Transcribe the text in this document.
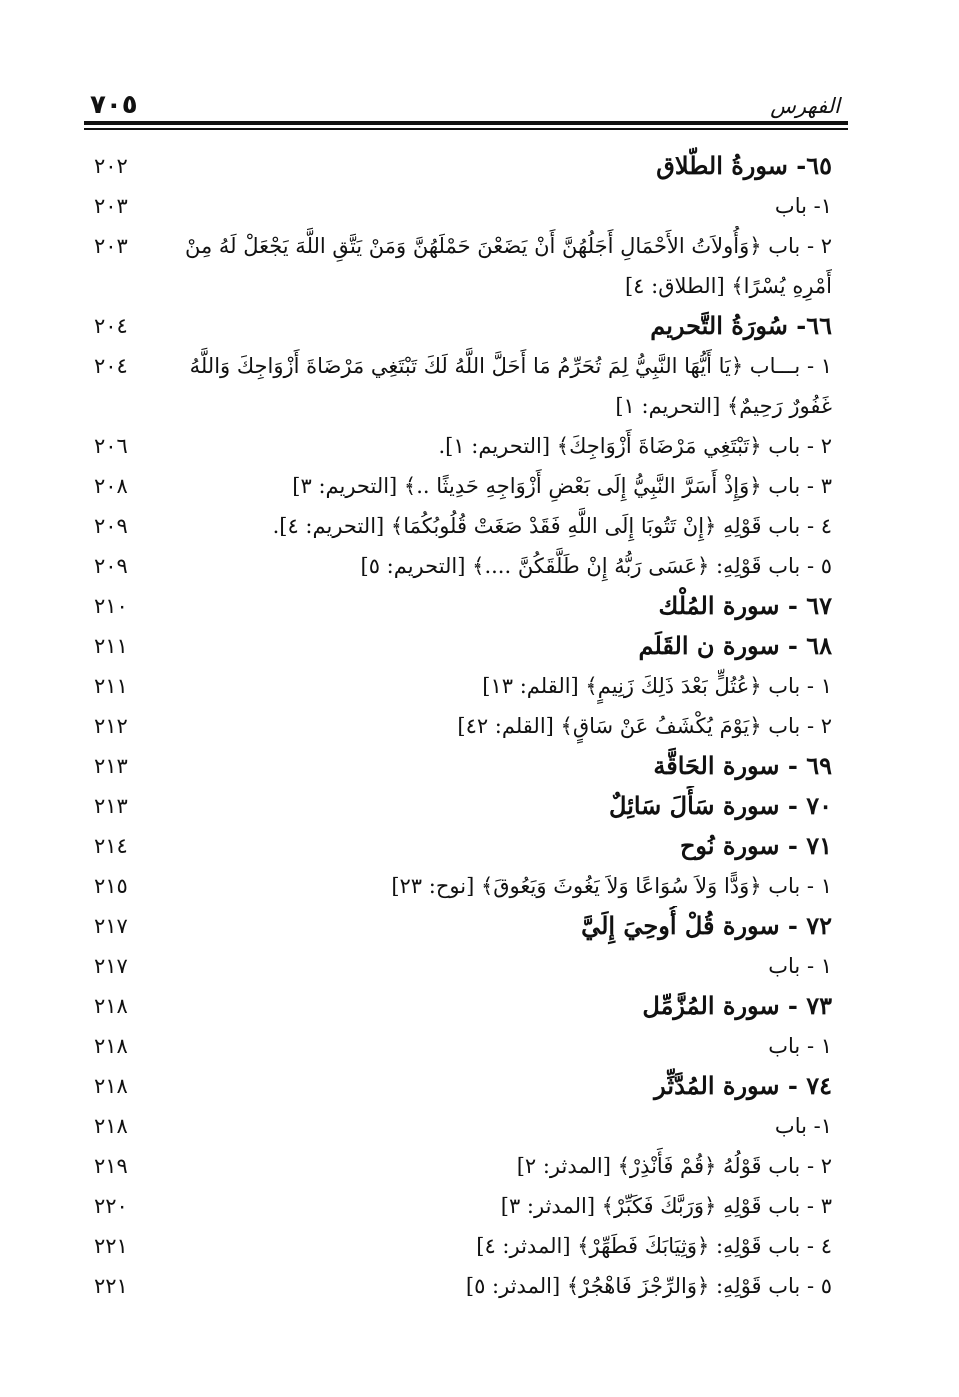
الفهرس
٧٠٥
٦٥- سورةُ الطّلاق
٢٠٢
١- باب
٢٠٣
٢ - باب ﴿وَأُولاَتُ الأَحْمَالِ أَجَلُهُنَّ أَنْ يَضَعْنَ حَمْلَهُنَّ وَمَنْ يَتَّقِ اللَّهَ يَجْعَلْ لَهُ مِنْ أَمْرِهِ يُسْرًا﴾ [الطلاق: ٤]
٢٠٣
٦٦- سُورَةُ التَّحريم
٢٠٤
١ - بـــاب ﴿يَا أَيُّهَا النَّبِيُّ لِمَ تُحَرِّمُ مَا أَحَلَّ اللَّهُ لَكَ تَبْتَغِي مَرْضَاةَ أَزْوَاجِكَ وَاللَّهُ غَفُورٌ رَحِيمٌ﴾ [التحريم: ١]
٢٠٤
٢ - باب ﴿تَبْتَغِي مَرْضَاةَ أَزْوَاجِكَ﴾ [التحريم: ١].
٢٠٦
٣ - باب ﴿وَإِذْ أَسَرَّ النَّبِيُّ إِلَى بَعْضِ أَزْوَاجِهِ حَدِيثًا ..﴾ [التحريم: ٣]
٢٠٨
٤ - باب قَوْلِهِ ﴿إِنْ تَتُوبَا إِلَى اللَّهِ فَقَدْ صَغَتْ قُلُوبُكُمَا﴾ [التحريم: ٤].
٢٠٩
٥ - باب قَوْلِهِ: ﴿عَسَى رَبُّهُ إِنْ طَلَّقَكُنَّ ....﴾ [التحريم: ٥]
٢٠٩
٦٧ - سورة المُلْك
٢١٠
٦٨ - سورة ن القَلَم
٢١١
١ - باب ﴿عُتُلٍّ بَعْدَ ذَلِكَ زَنِيمٍ﴾ [القلم: ١٣]
٢١١
٢ - باب ﴿يَوْمَ يُكْشَفُ عَنْ سَاقٍ﴾ [القلم: ٤٢]
٢١٢
٦٩ - سورة الحَاقَّة
٢١٣
٧٠ - سورة سَأَلَ سَائِلٌ
٢١٣
٧١ - سورة نُوح
٢١٤
١ - باب ﴿وَدًّا وَلاَ سُوَاعًا وَلاَ يَغُوثَ وَيَعُوقَ﴾ [نوح: ٢٣]
٢١٥
٧٢ - سورة قُلْ أُوحِيَ إِلَيَّ
٢١٧
١ - باب
٢١٧
٧٣ - سورة المُزَّمِّل
٢١٨
١ - باب
٢١٨
٧٤ - سورة المُدَّثِّر
٢١٨
١- باب
٢١٨
٢ - باب قَوْلُهُ ﴿قُمْ فَأَنْذِرْ﴾ [المدثر: ٢]
٢١٩
٣ - باب قَوْلِهِ ﴿وَرَبَّكَ فَكَبِّرْ﴾ [المدثر: ٣]
٢٢٠
٤ - باب قَوْلِهِ: ﴿وَثِيَابَكَ فَطَهِّرْ﴾ [المدثر: ٤]
٢٢١
٥ - باب قَوْلِهِ: ﴿وَالرِّجْزَ فَاهْجُرْ﴾ [المدثر: ٥]
٢٢١
